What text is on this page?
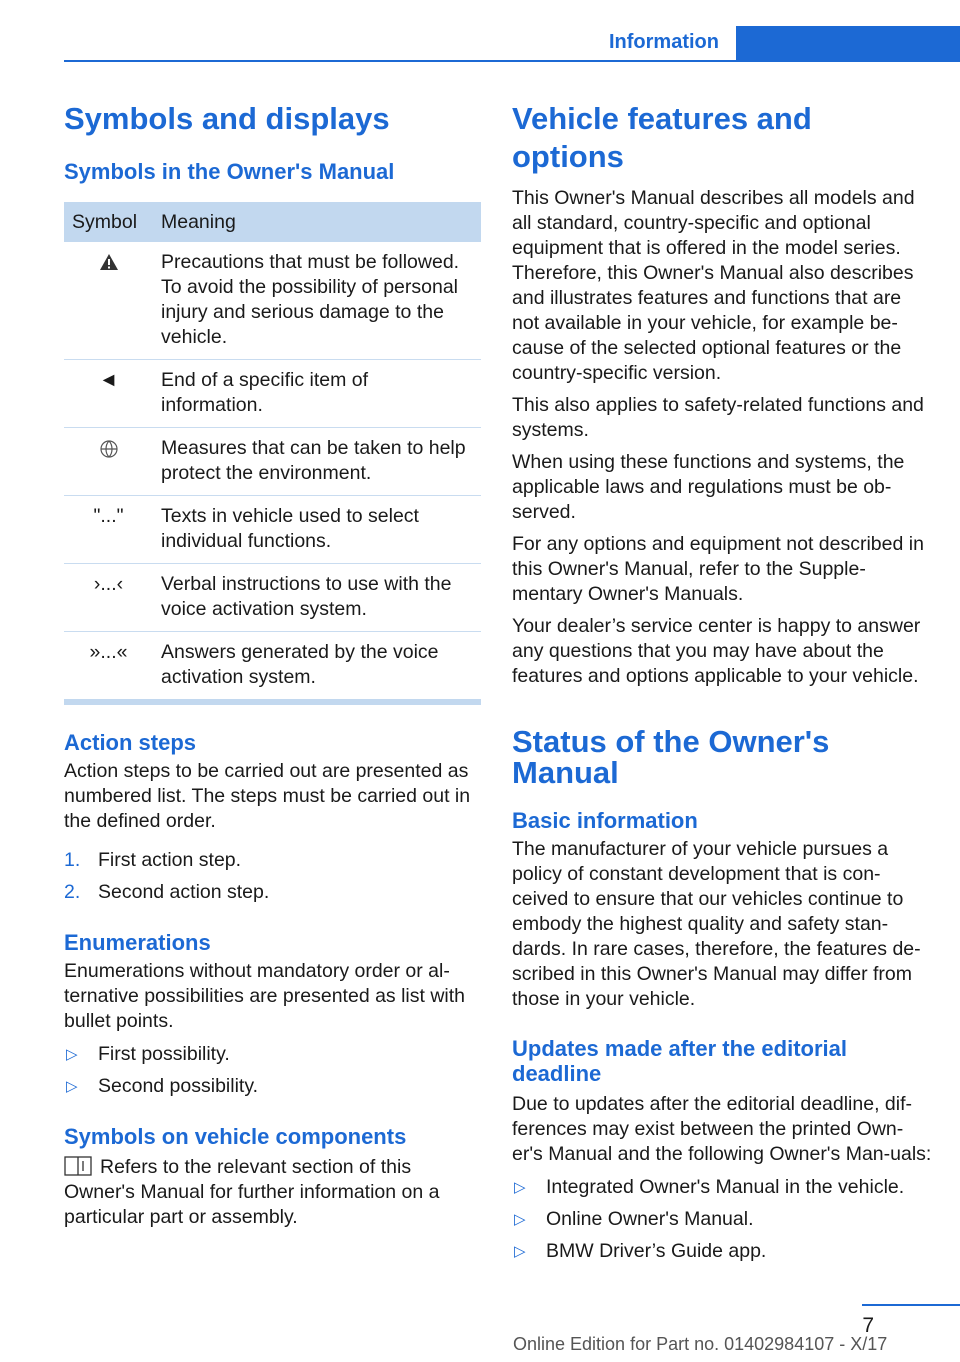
Information
Symbols and displays
Symbols in the Owner's Manual
Symbol	Meaning
	Precautions that must be followed. To avoid the possibility of personal injury and serious damage to the vehicle.
◄	End of a specific item of information.
	Measures that can be taken to help protect the environment.
"..."	Texts in vehicle used to select individual functions.
›...‹	Verbal instructions to use with the voice activation system.
»...«	Answers generated by the voice activation system.
Action steps

Action steps to be carried out are presented as numbered list. The steps must be carried out in the defined order.

1. First action step.
2. Second action step.
Enumerations

Enumerations without mandatory order or al‐ternative possibilities are presented as list with bullet points.

▷ First possibility.
▷ Second possibility.
Symbols on vehicle components

Refers to the relevant section of this Owner's Manual for further information on a particular part or assembly.

Vehicle features and options

This Owner's Manual describes all models and all standard, country-specific and optional equipment that is offered in the model series. Therefore, this Owner's Manual also describes and illustrates features and functions that are not available in your vehicle, for example be‐cause of the selected optional features or the country-specific version.

This also applies to safety-related functions and systems.

When using these functions and systems, the applicable laws and regulations must be ob‐served.

For any options and equipment not described in this Owner's Manual, refer to the Supple‐mentary Owner's Manuals.

Your dealer’s service center is happy to answer any questions that you may have about the features and options applicable to your vehicle.

Status of the Owner's Manual
Basic information

The manufacturer of your vehicle pursues a policy of constant development that is con‐ceived to ensure that our vehicles continue to embody the highest quality and safety stan‐dards. In rare cases, therefore, the features de‐scribed in this Owner's Manual may differ from those in your vehicle.

Updates made after the editorial deadline

Due to updates after the editorial deadline, dif‐ferences may exist between the printed Own‐er's Manual and the following Owner's Man‐uals:

▷ Integrated Owner's Manual in the vehicle.
▷ Online Owner's Manual.
▷ BMW Driver’s Guide app.
7
Online Edition for Part no. 01402984107 - X/17
